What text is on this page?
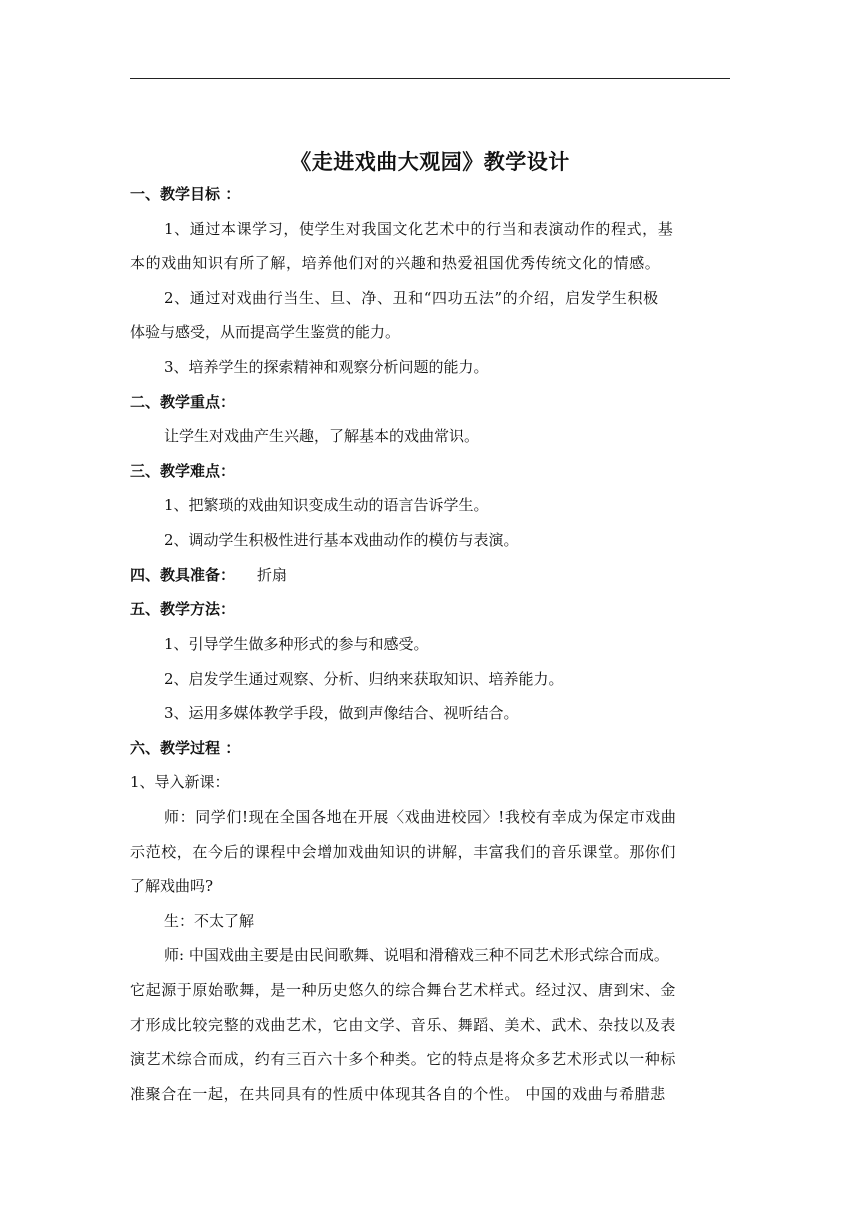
《走进戏曲大观园》教学设计
一、教学目标 ：
1、通过本课学习，使学生对我国文化艺术中的行当和表演动作的程式，基
本的戏曲知识有所了解，培养他们对的兴趣和热爱祖国优秀传统文化的情感。
2、通过对戏曲行当生、旦、净、丑和“四功五法”的介绍，启发学生积极
体验与感受，从而提高学生鉴赏的能力。
3、培养学生的探索精神和观察分析问题的能力。
二、教学重点：
让学生对戏曲产生兴趣，了解基本的戏曲常识。
三、教学难点：
1、把繁琐的戏曲知识变成生动的语言告诉学生。
2、调动学生积极性进行基本戏曲动作的模仿与表演。
四、教具准备： 折扇
五、教学方法：
1、引导学生做多种形式的参与和感受。
2、启发学生通过观察、分析、归纳来获取知识、培养能力。
3、运用多媒体教学手段，做到声像结合、视听结合。
六、教学过程 ：
1、导入新课：
师：同学们!现在全国各地在开展〈戏曲进校园〉!我校有幸成为保定市戏曲
示范校，在今后的课程中会增加戏曲知识的讲解，丰富我们的音乐课堂。那你们
了解戏曲吗?
生：不太了解
师: 中国戏曲主要是由民间歌舞、说唱和滑稽戏三种不同艺术形式综合而成。
它起源于原始歌舞，是一种历史悠久的综合舞台艺术样式。经过汉、唐到宋、金
才形成比较完整的戏曲艺术，它由文学、音乐、舞蹈、美术、武术、杂技以及表
演艺术综合而成，约有三百六十多个种类。它的特点是将众多艺术形式以一种标
准聚合在一起，在共同具有的性质中体现其各自的个性。 中国的戏曲与希腊悲
